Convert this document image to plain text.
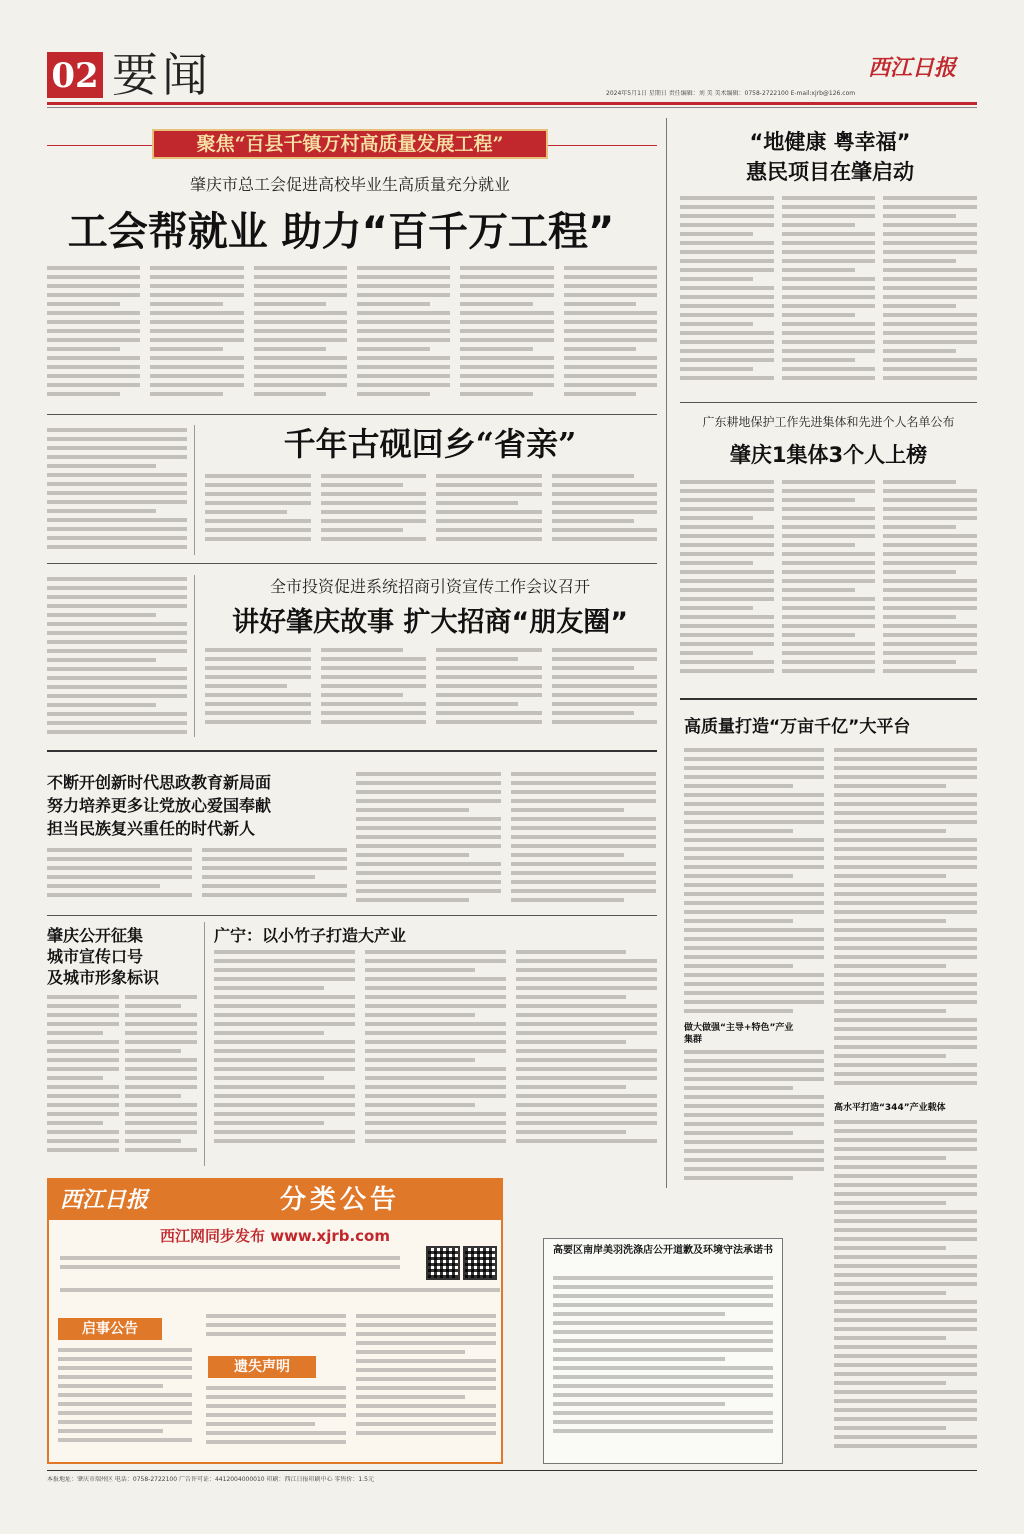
02 要闻	西江日报
2024年5月1日 星期日 责任编辑：刘 美 美术编辑：0758-2722100 E-mail:xjrb@126.com
聚焦“百县千镇万村高质量发展工程”
肇庆市总工会促进高校毕业生高质量充分就业
工会帮就业 助力“百千万工程”
千年古砚回乡“省亲”
全市投资促进系统招商引资宣传工作会议召开
讲好肇庆故事 扩大招商“朋友圈”
不断开创新时代思政教育新局面
努力培养更多让党放心爱国奉献
担当民族复兴重任的时代新人
肇庆公开征集
城市宣传口号
及城市形象标识
广宁：以小竹子打造大产业
“地健康 粤幸福”
惠民项目在肇启动
广东耕地保护工作先进集体和先进个人名单公布
肇庆1集体3个人上榜
高质量打造“万亩千亿”大平台
做大做强“主导+特色”产业集群
高水平打造“344”产业载体
西江日报	分类公告
西江网同步发布 www.xjrb.com
启事公告
遗失声明
高要区南岸美羽洗涤店公开道歉及环境守法承诺书
本报地址：肇庆市端州区 电话：0758-2722100 广告许可证：4412004000010 印刷：西江日报印刷中心 零售价：1.5元
